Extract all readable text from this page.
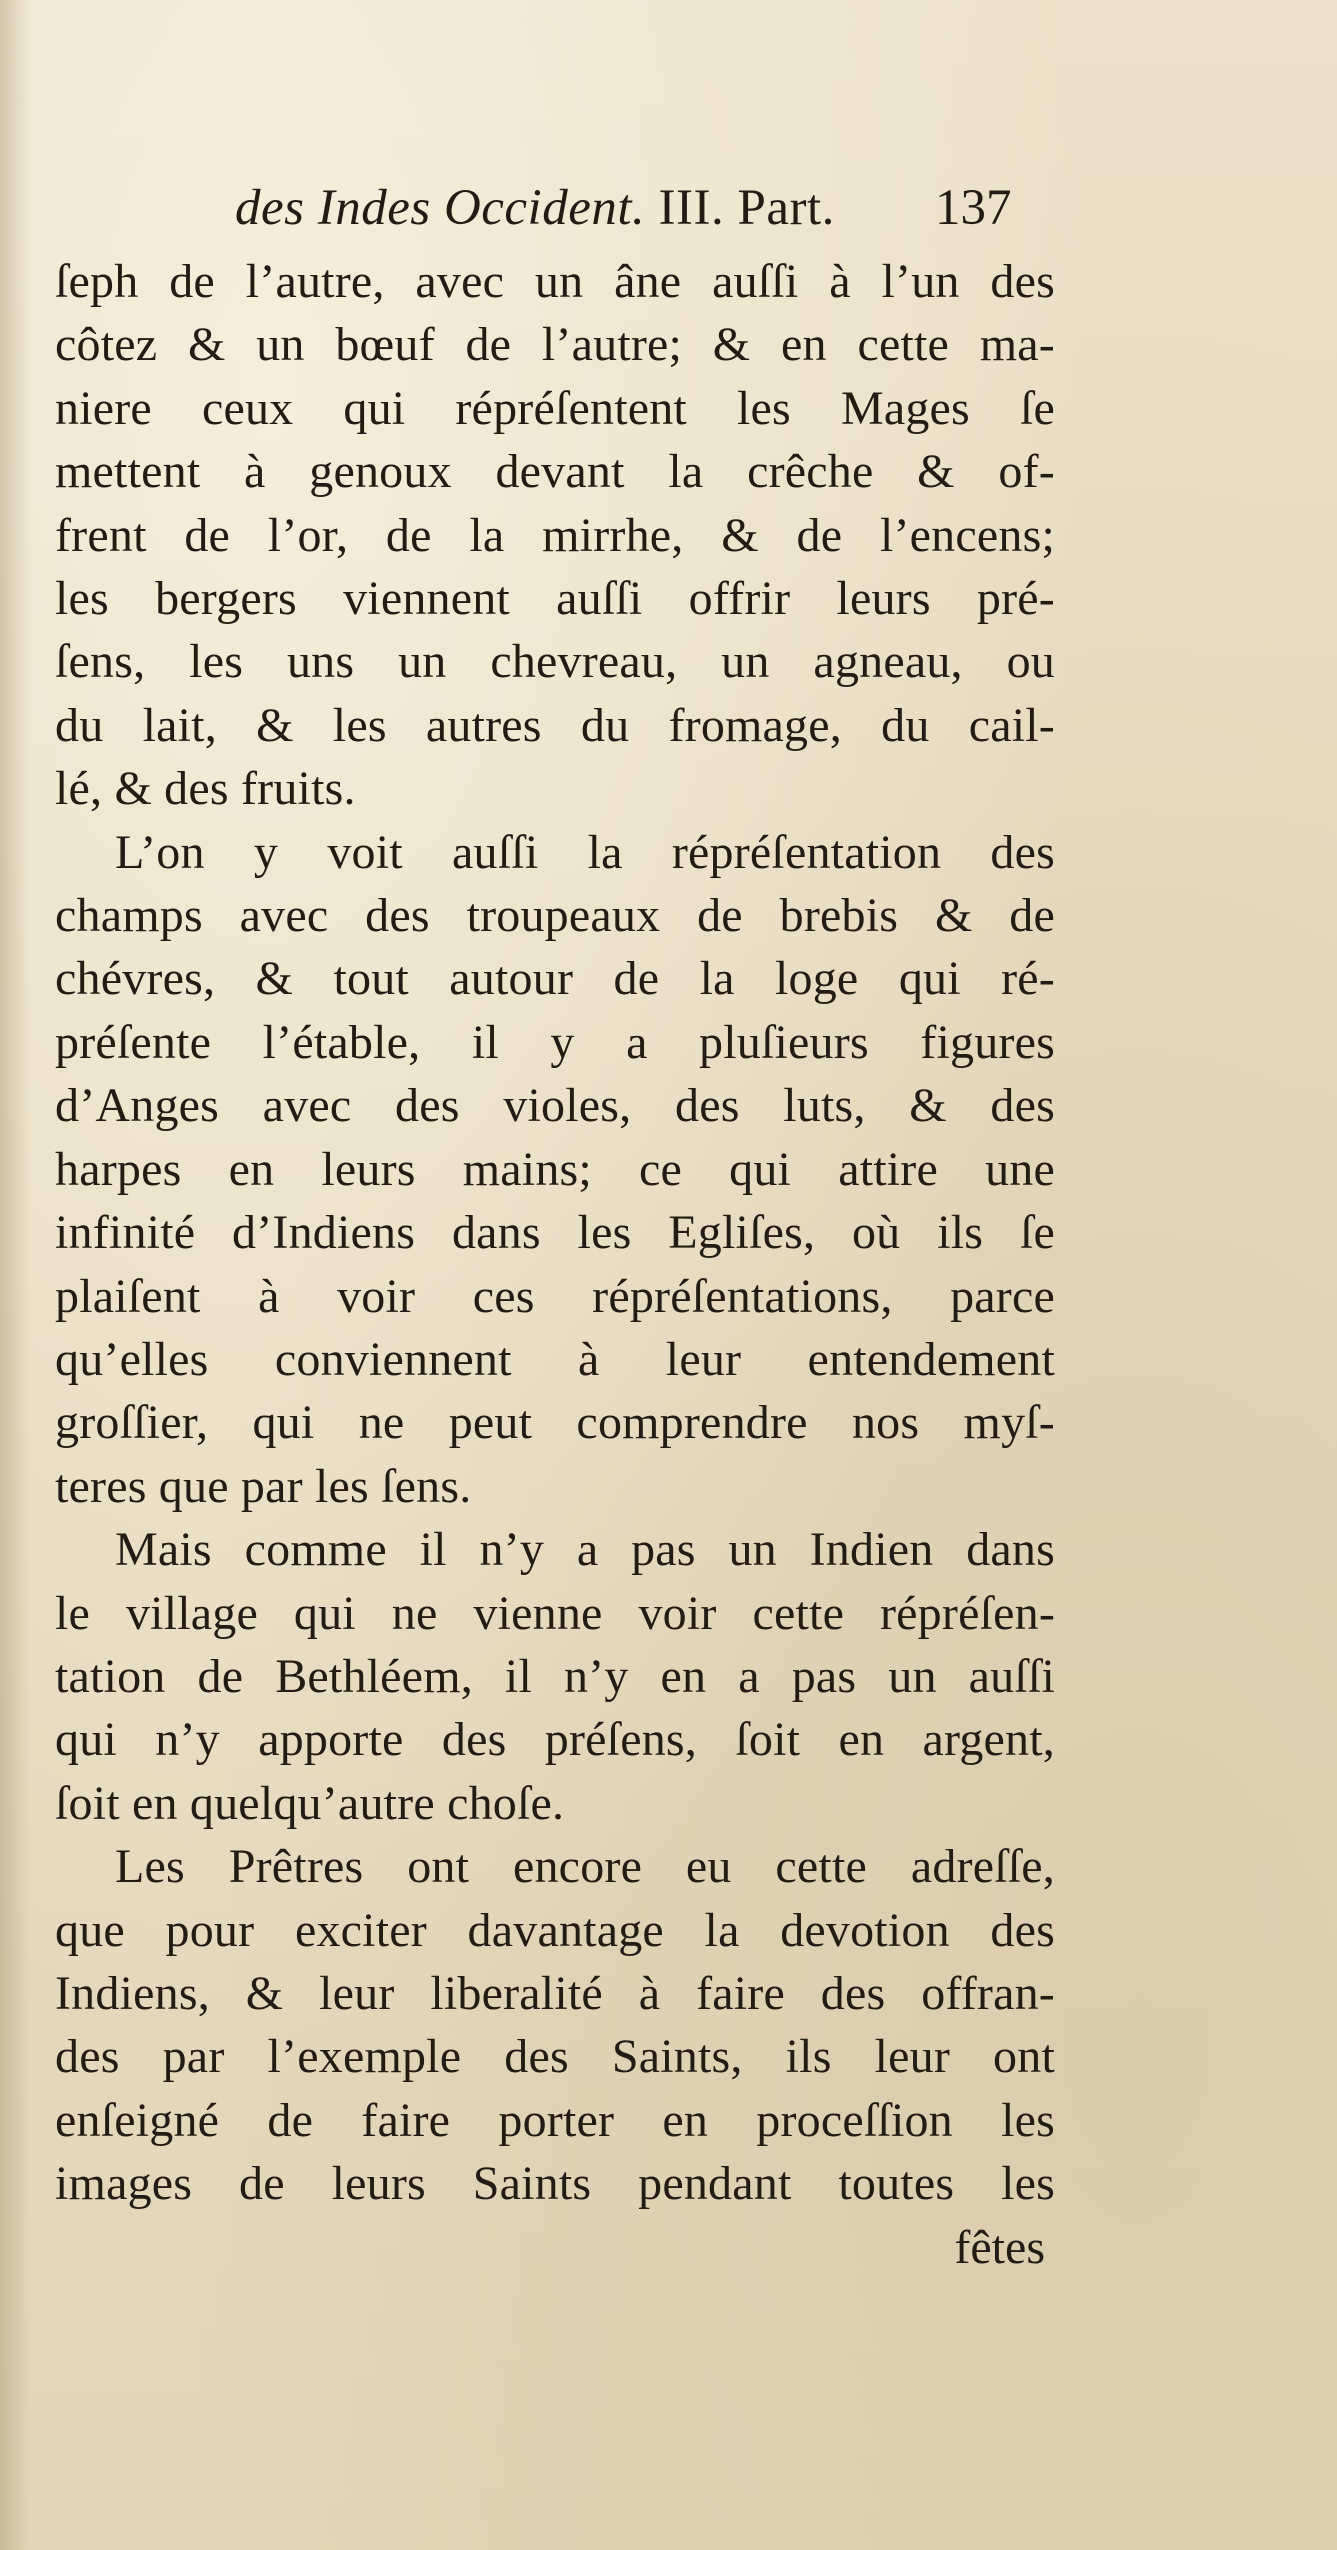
des Indes Occident. III. Part. 137
ſeph de l’autre, avec un âne auſſi à l’un des
côtez & un bœuf de l’autre; & en cette ma-
niere ceux qui répréſentent les Mages ſe
mettent à genoux devant la crêche & of-
frent de l’or, de la mirrhe, & de l’encens;
les bergers viennent auſſi offrir leurs pré-
ſens, les uns un chevreau, un agneau, ou
du lait, & les autres du fromage, du cail-
lé, & des fruits.
L’on y voit auſſi la répréſentation des
champs avec des troupeaux de brebis & de
chévres, & tout autour de la loge qui ré-
préſente l’étable, il y a pluſieurs figures
d’Anges avec des violes, des luts, & des
harpes en leurs mains; ce qui attire une
infinité d’Indiens dans les Egliſes, où ils ſe
plaiſent à voir ces répréſentations, parce
qu’elles conviennent à leur entendement
groſſier, qui ne peut comprendre nos myſ-
teres que par les ſens.
Mais comme il n’y a pas un Indien dans
le village qui ne vienne voir cette répréſen-
tation de Bethléem, il n’y en a pas un auſſi
qui n’y apporte des préſens, ſoit en argent,
ſoit en quelqu’autre choſe.
Les Prêtres ont encore eu cette adreſſe,
que pour exciter davantage la devotion des
Indiens, & leur liberalité à faire des offran-
des par l’exemple des Saints, ils leur ont
enſeigné de faire porter en proceſſion les
images de leurs Saints pendant toutes les
fêtes
